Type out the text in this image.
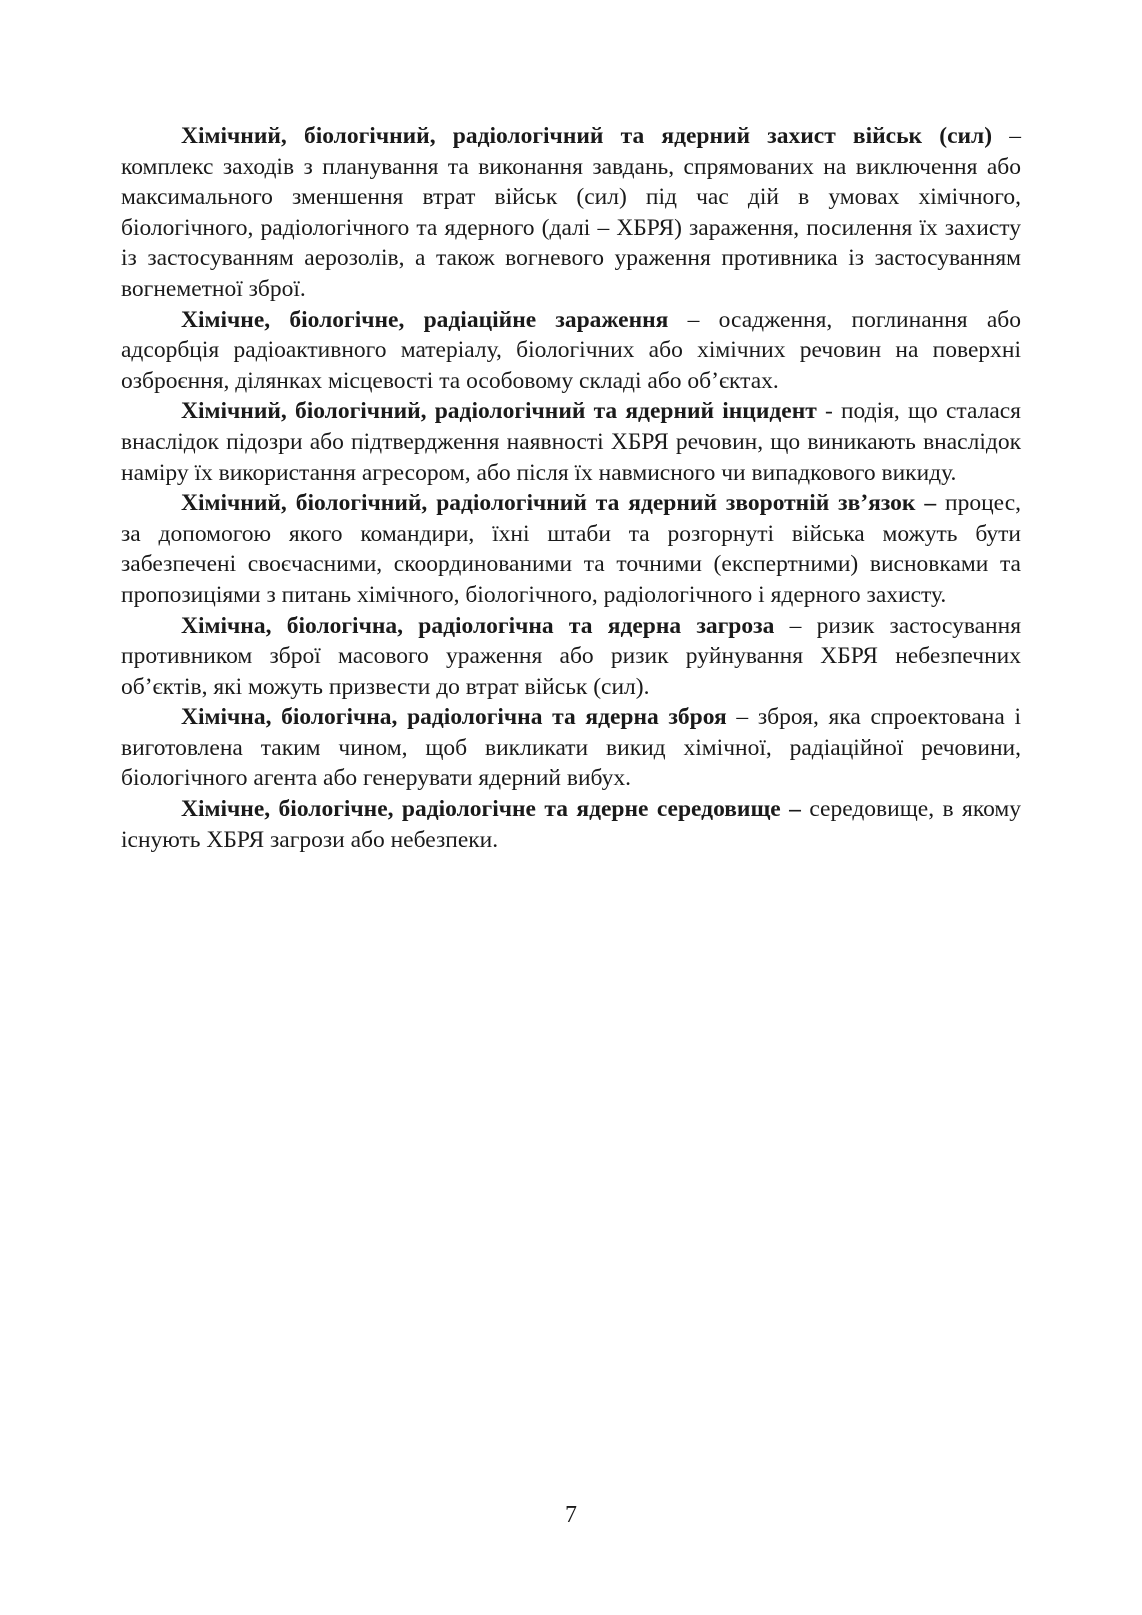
Хімічний, біологічний, радіологічний та ядерний захист військ (сил) – комплекс заходів з планування та виконання завдань, спрямованих на виключення або максимального зменшення втрат військ (сил) під час дій в умовах хімічного, біологічного, радіологічного та ядерного (далі – ХБРЯ) зараження, посилення їх захисту із застосуванням аерозолів, а також вогневого ураження противника із застосуванням вогнеметної зброї.

Хімічне, біологічне, радіаційне зараження – осадження, поглинання або адсорбція радіоактивного матеріалу, біологічних або хімічних речовин на поверхні озброєння, ділянках місцевості та особовому складі або об’єктах.

Хімічний, біологічний, радіологічний та ядерний інцидент - подія, що сталася внаслідок підозри або підтвердження наявності ХБРЯ речовин, що виникають внаслідок наміру їх використання агресором, або після їх навмисного чи випадкового викиду.

Хімічний, біологічний, радіологічний та ядерний зворотній зв’язок – процес, за допомогою якого командири, їхні штаби та розгорнуті війська можуть бути забезпечені своєчасними, скоординованими та точними (експертними) висновками та пропозиціями з питань хімічного, біологічного, радіологічного і ядерного захисту.

Хімічна, біологічна, радіологічна та ядерна загроза – ризик застосування противником зброї масового ураження або ризик руйнування ХБРЯ небезпечних об’єктів, які можуть призвести до втрат військ (сил).

Хімічна, біологічна, радіологічна та ядерна зброя – зброя, яка спроектована і виготовлена таким чином, щоб викликати викид хімічної, радіаційної речовини, біологічного агента або генерувати ядерний вибух.

Хімічне, біологічне, радіологічне та ядерне середовище – середовище, в якому існують ХБРЯ загрози або небезпеки.

7
